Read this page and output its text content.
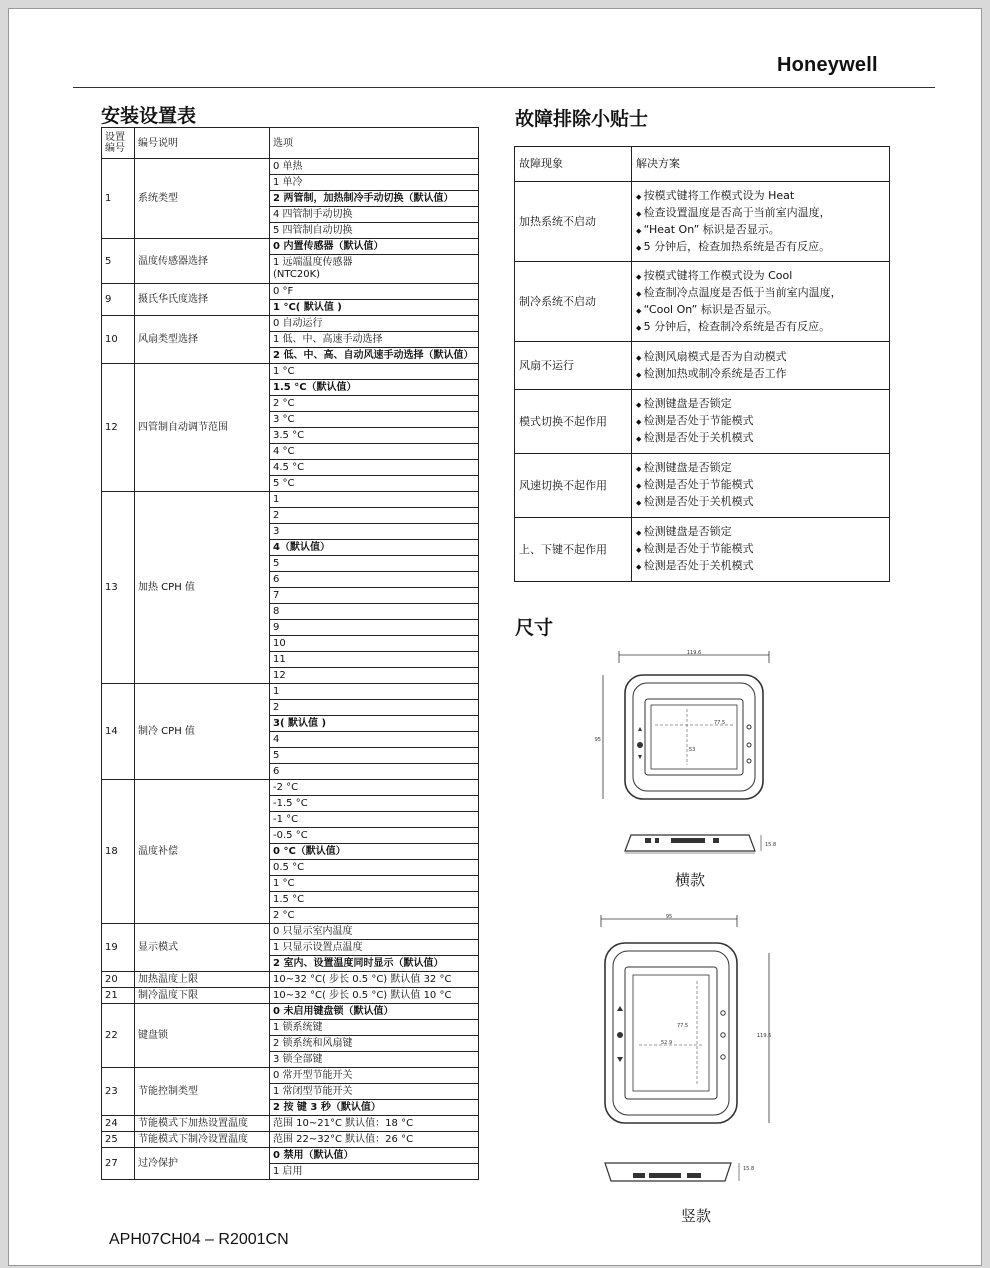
Honeywell
安装设置表
设置
编号	编号说明	选项
1	系统类型	0 单热
		1 单冷
		2 两管制，加热制冷手动切换（默认值）
		4 四管制手动切换
		5 四管制自动切换
5	温度传感器选择	0 内置传感器（默认值）
		1 远端温度传感器
(NTC20K)
9	摄氏华氏度选择	0 °F
		1 °C( 默认值 )
10	风扇类型选择	0 自动运行
		1 低、中、高速手动选择
		2 低、中、高、自动风速手动选择（默认值）
12	四管制自动调节范围	1 °C
		1.5 °C（默认值）
		2 °C
		3 °C
		3.5 °C
		4 °C
		4.5 °C
		5 °C
13	加热 CPH 值	1
		2
		3
		4（默认值）
		5
		6
		7
		8
		9
		10
		11
		12
14	制冷 CPH 值	1
		2
		3( 默认值 )
		4
		5
		6
18	温度补偿	-2 °C
		-1.5 °C
		-1 °C
		-0.5 °C
		0 °C（默认值）
		0.5 °C
		1 °C
		1.5 °C
		2 °C
19	显示模式	0 只显示室内温度
		1 只显示设置点温度
		2 室内、设置温度同时显示（默认值）
20	加热温度上限	10~32 °C( 步长 0.5 °C) 默认值 32 °C
21	制冷温度下限	10~32 °C( 步长 0.5 °C) 默认值 10 °C
22	键盘锁	0 未启用键盘锁（默认值）
		1 锁系统键
		2 锁系统和风扇键
		3 锁全部键
23	节能控制类型	0 常开型节能开关
		1 常闭型节能开关
		2 按 键 3 秒（默认值）
24	节能模式下加热设置温度	范围 10~21°C 默认值：18 °C
25	节能模式下制冷设置温度	范围 22~32°C 默认值：26 °C
27	过冷保护	0 禁用（默认值）
		1 启用
故障排除小贴士
故障现象	解决方案
加热系统不启动	◆ 按模式键将工作模式设为 Heat
◆ 检查设置温度是否高于当前室内温度，
◆ “Heat On” 标识是否显示。
◆ 5 分钟后，检查加热系统是否有反应。

制冷系统不启动	◆ 按模式键将工作模式设为 Cool
◆ 检查制冷点温度是否低于当前室内温度，
◆ “Cool On” 标识是否显示。
◆ 5 分钟后，检查制冷系统是否有反应。

风扇不运行	◆ 检测风扇模式是否为自动模式
◆ 检测加热或制冷系统是否工作

模式切换不起作用	◆ 检测键盘是否锁定
◆ 检测是否处于节能模式
◆ 检测是否处于关机模式

风速切换不起作用	◆ 检测键盘是否锁定
◆ 检测是否处于节能模式
◆ 检测是否处于关机模式

上、下键不起作用	◆ 检测键盘是否锁定
◆ 检测是否处于节能模式
◆ 检测是否处于关机模式
尺寸
119.6
95
77.5
53
15.8
横款
95
119.6
52.9
77.5
15.8
竖款
APH07CH04 – R2001CN
